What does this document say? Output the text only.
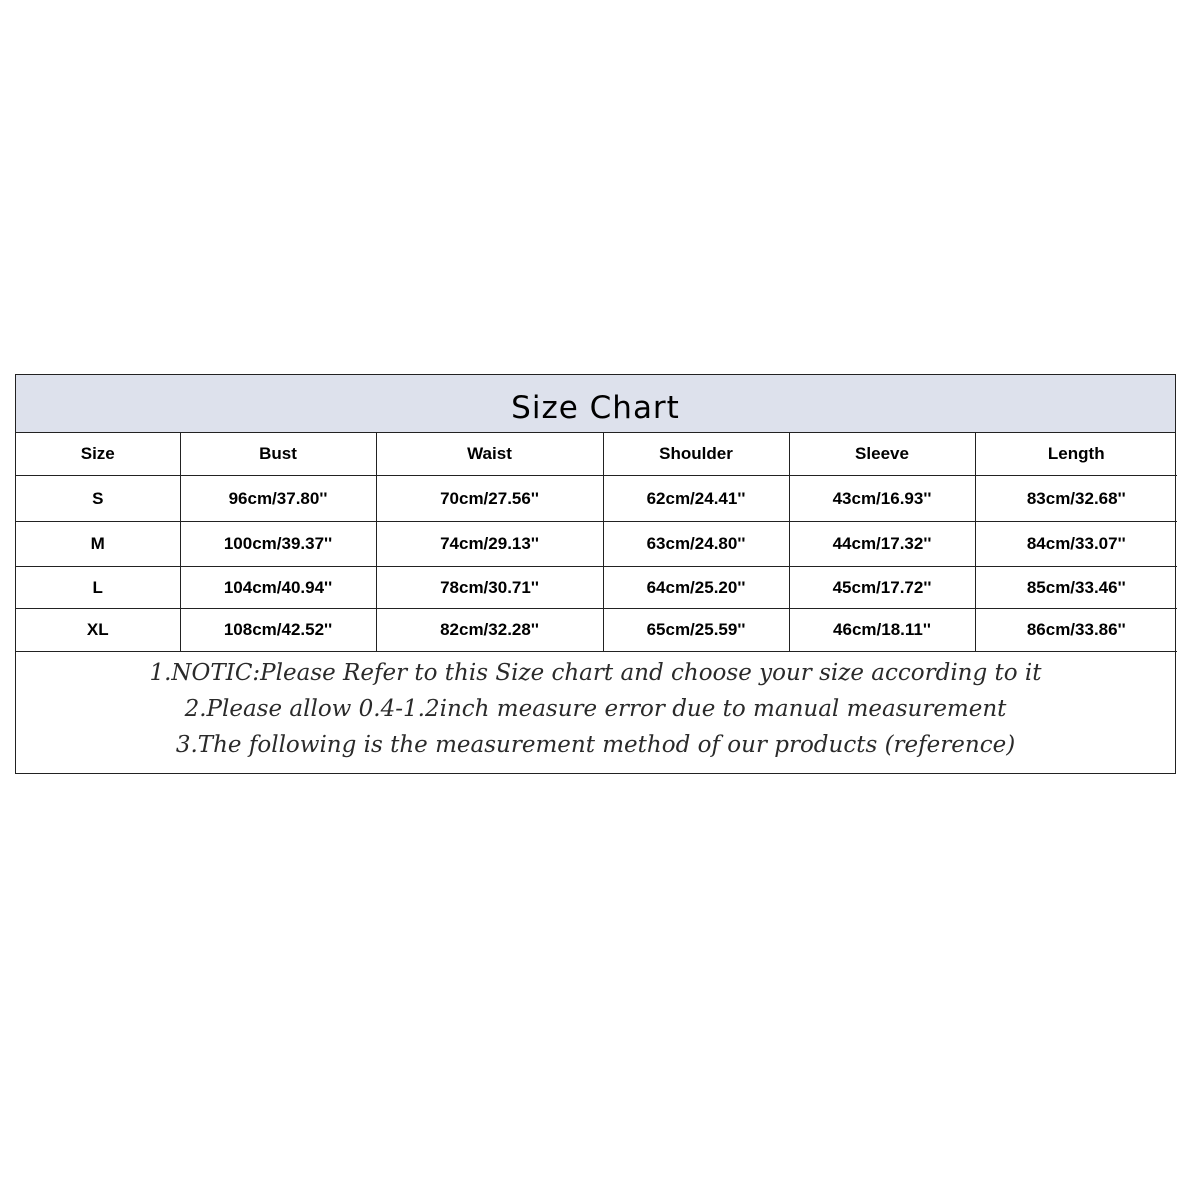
Size Chart
Size	Bust	Waist	Shoulder	Sleeve	Length
S	96cm/37.80''	70cm/27.56''	62cm/24.41''	43cm/16.93''	83cm/32.68''
M	100cm/39.37''	74cm/29.13''	63cm/24.80''	44cm/17.32''	84cm/33.07''
L	104cm/40.94''	78cm/30.71''	64cm/25.20''	45cm/17.72''	85cm/33.46''
XL	108cm/42.52''	82cm/32.28''	65cm/25.59''	46cm/18.11''	86cm/33.86''
1.NOTIC:Please Refer to this Size chart and choose your size according to it
2.Please allow 0.4-1.2inch measure error due to manual measurement
3.The following is the measurement method of our products (reference)
